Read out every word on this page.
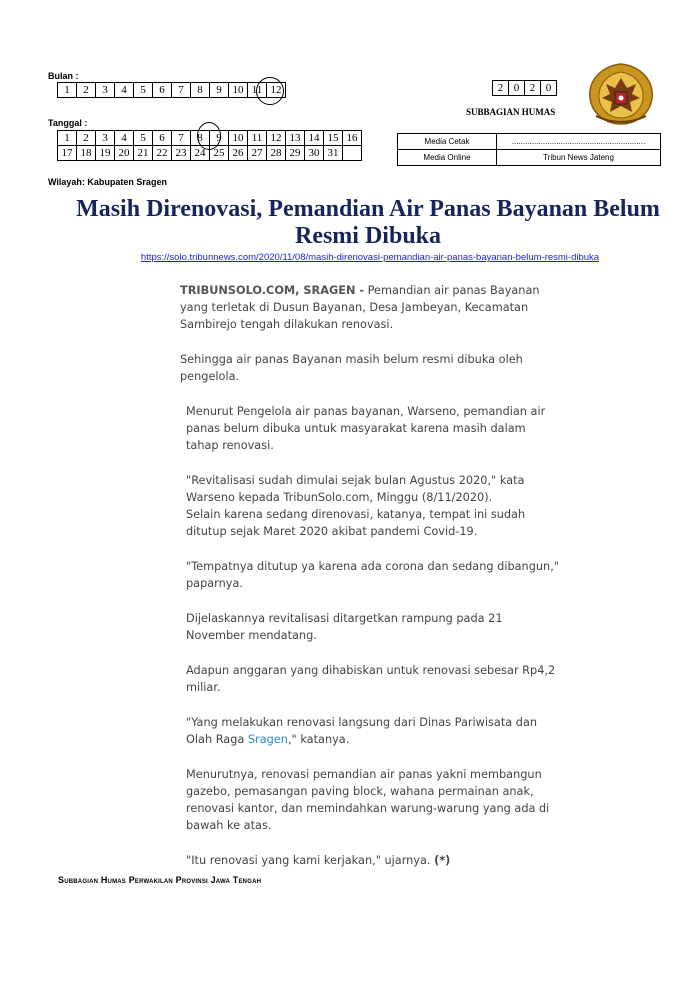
Bulan :
1	2	3	4	5	6	7	8	9	10	11	12
Tanggal :
1	2	3	4	5	6	7	8	9	10	11	12	13	14	15	16
17	18	19	20	21	22	23	24	25	26	27	28	29	30	31	
2	0	2	0
SUBBAGIAN HUMAS
Media Cetak	............................................................
Media Online	Tribun News Jateng
Wilayah: Kabupaten Sragen
Masih Direnovasi, Pemandian Air Panas Bayanan Belum
Resmi Dibuka
https://solo.tribunnews.com/2020/11/08/masih-direnovasi-pemandian-air-panas-bayanan-belum-resmi-dibuka

TRIBUNSOLO.COM, SRAGEN - Pemandian air panas Bayanan yang terletak di Dusun Bayanan, Desa Jambeyan, Kecamatan Sambirejo tengah dilakukan renovasi.

Sehingga air panas Bayanan masih belum resmi dibuka oleh pengelola.

Menurut Pengelola air panas bayanan, Warseno, pemandian air panas belum dibuka untuk masyarakat karena masih dalam tahap renovasi.

"Revitalisasi sudah dimulai sejak bulan Agustus 2020," kata Warseno kepada TribunSolo.com, Minggu (8/11/2020).
Selain karena sedang direnovasi, katanya, tempat ini sudah ditutup sejak Maret 2020 akibat pandemi Covid-19.

"Tempatnya ditutup ya karena ada corona dan sedang dibangun," paparnya.

Dijelaskannya revitalisasi ditargetkan rampung pada 21 November mendatang.

Adapun anggaran yang dihabiskan untuk renovasi sebesar Rp4,2 miliar.

"Yang melakukan renovasi langsung dari Dinas Pariwisata dan Olah Raga Sragen," katanya.

Menurutnya, renovasi pemandian air panas yakni membangun gazebo, pemasangan paving block, wahana permainan anak, renovasi kantor, dan memindahkan warung-warung yang ada di bawah ke atas.

"Itu renovasi yang kami kerjakan," ujarnya. (*)

Subbagian Humas Perwakilan Provinsi Jawa Tengah
